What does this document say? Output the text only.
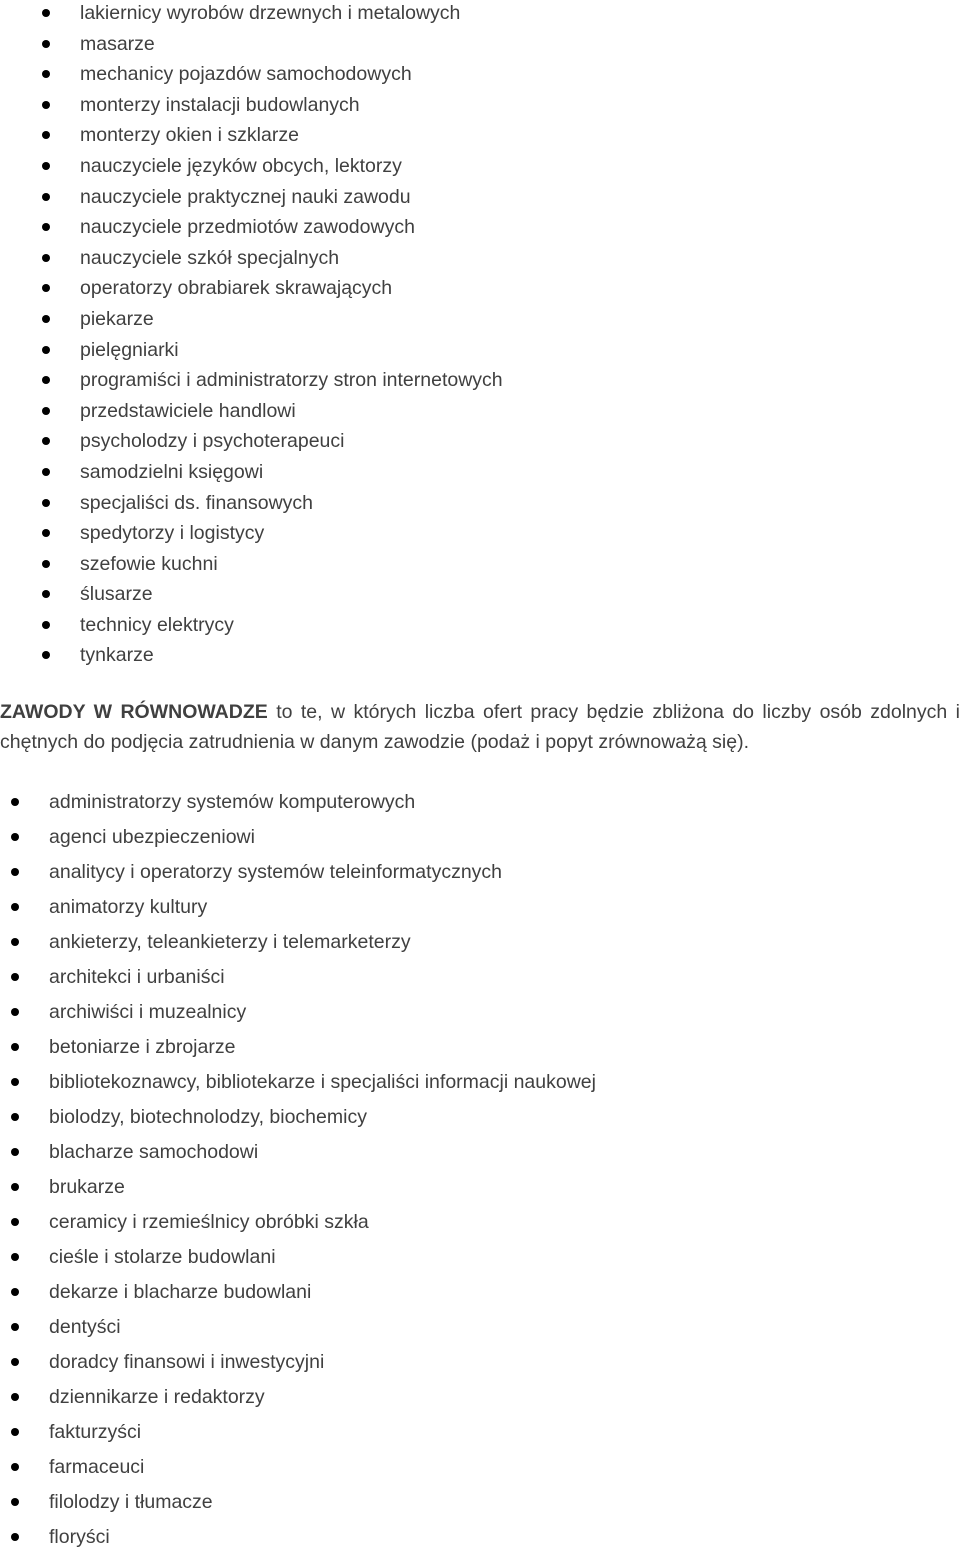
lakiernicy wyrobów drzewnych i metalowych
masarze
mechanicy pojazdów samochodowych
monterzy instalacji budowlanych
monterzy okien i szklarze
nauczyciele języków obcych, lektorzy
nauczyciele praktycznej nauki zawodu
nauczyciele przedmiotów zawodowych
nauczyciele szkół specjalnych
operatorzy obrabiarek skrawających
piekarze
pielęgniarki
programiści i administratorzy stron internetowych
przedstawiciele handlowi
psycholodzy i psychoterapeuci
samodzielni księgowi
specjaliści ds. finansowych
spedytorzy i logistycy
szefowie kuchni
ślusarze
technicy elektrycy
tynkarze

ZAWODY W RÓWNOWADZE to te, w których liczba ofert pracy będzie zbliżona do liczby osób zdolnych i chętnych do podjęcia zatrudnienia w danym zawodzie (podaż i popyt zrównoważą się).

administratorzy systemów komputerowych
agenci ubezpieczeniowi
analitycy i operatorzy systemów teleinformatycznych
animatorzy kultury
ankieterzy, teleankieterzy i telemarketerzy
architekci i urbaniści
archiwiści i muzealnicy
betoniarze i zbrojarze
bibliotekoznawcy, bibliotekarze i specjaliści informacji naukowej
biolodzy, biotechnolodzy, biochemicy
blacharze samochodowi
brukarze
ceramicy i rzemieślnicy obróbki szkła
cieśle i stolarze budowlani
dekarze i blacharze budowlani
dentyści
doradcy finansowi i inwestycyjni
dziennikarze i redaktorzy
fakturzyści
farmaceuci
filolodzy i tłumacze
floryści
